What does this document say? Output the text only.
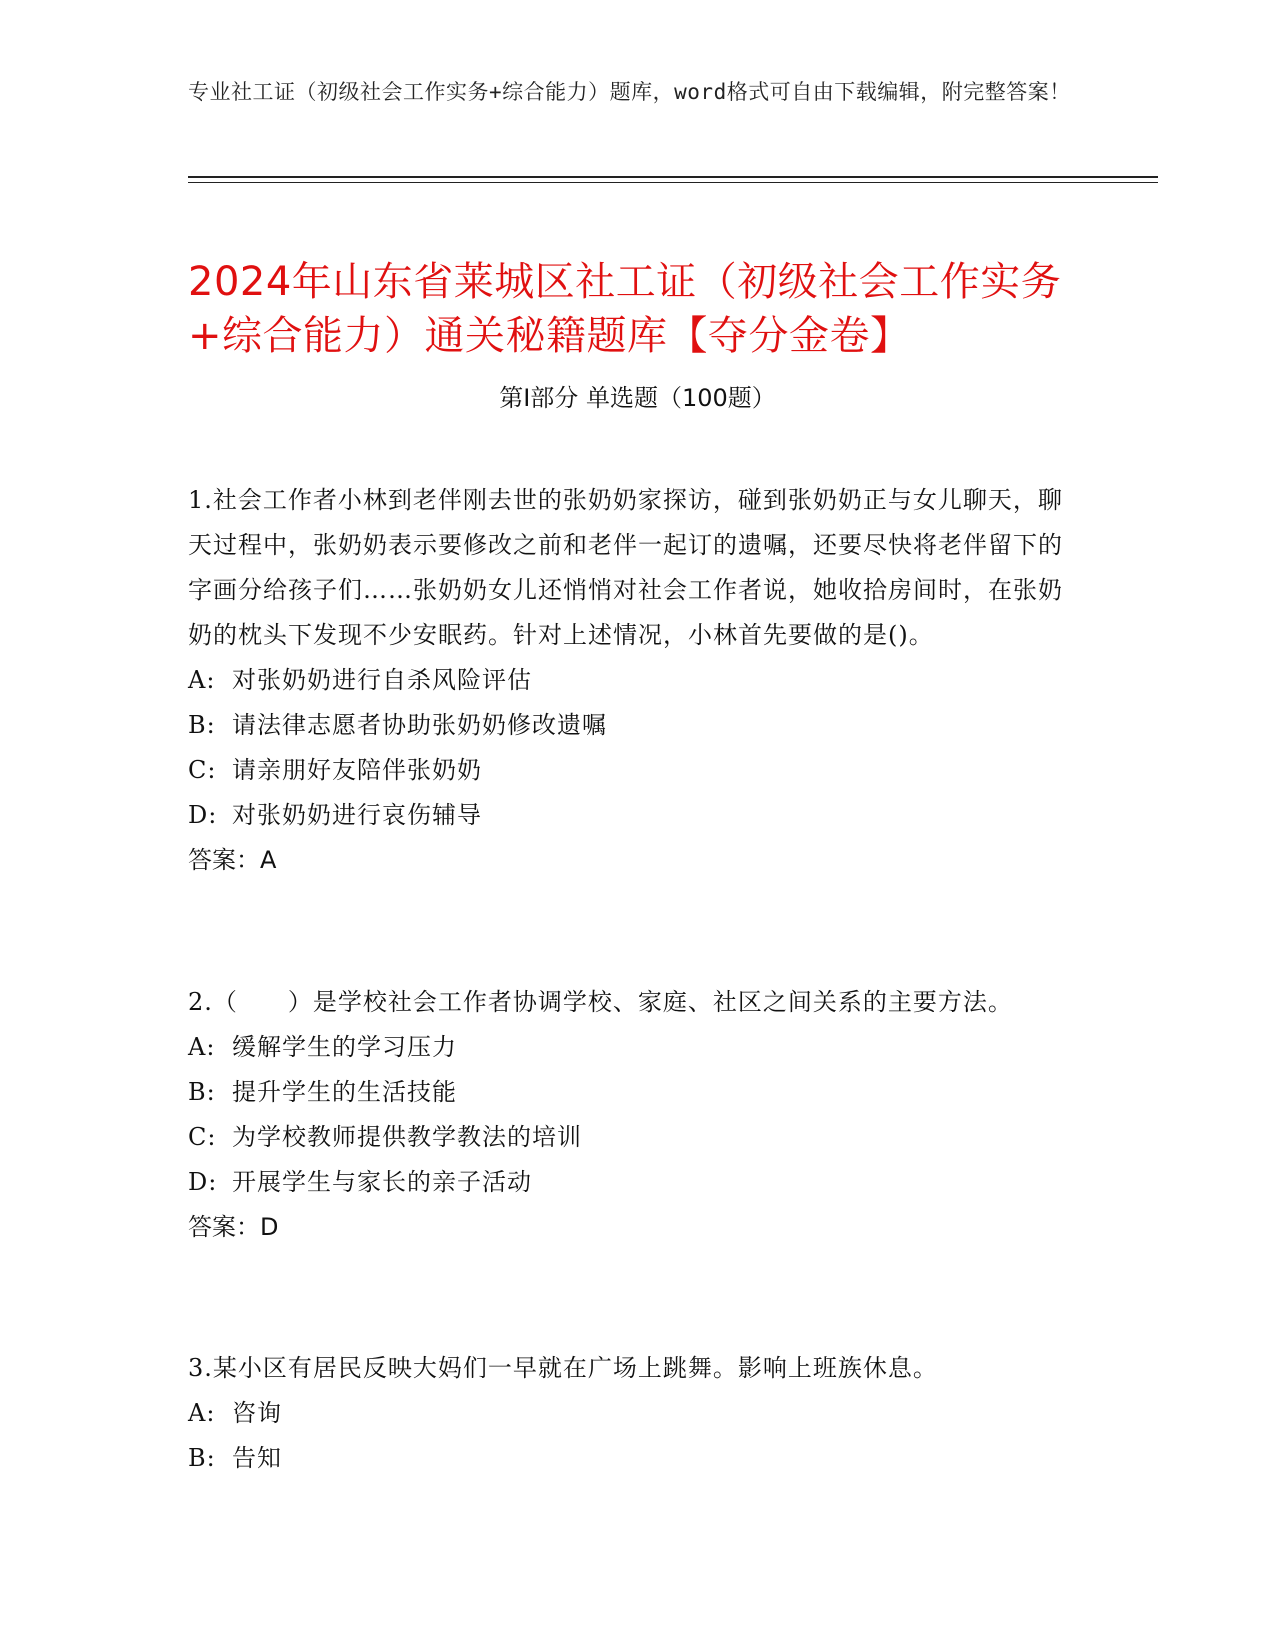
专业社工证（初级社会工作实务+综合能力）题库，word格式可自由下载编辑，附完整答案！
2024年山东省莱城区社工证（初级社会工作实务+综合能力）通关秘籍题库【夺分金卷】
第Ⅰ部分 单选题（100题）

1.社会工作者小林到老伴刚去世的张奶奶家探访，碰到张奶奶正与女儿聊天，聊天过程中，张奶奶表示要修改之前和老伴一起订的遗嘱，还要尽快将老伴留下的字画分给孩子们……张奶奶女儿还悄悄对社会工作者说，她收拾房间时，在张奶奶的枕头下发现不少安眠药。针对上述情况，小林首先要做的是()。

A: 对张奶奶进行自杀风险评估
B: 请法律志愿者协助张奶奶修改遗嘱
C: 请亲朋好友陪伴张奶奶
D: 对张奶奶进行哀伤辅导
答案：A

2.（　　）是学校社会工作者协调学校、家庭、社区之间关系的主要方法。

A: 缓解学生的学习压力
B: 提升学生的生活技能
C: 为学校教师提供教学教法的培训
D: 开展学生与家长的亲子活动
答案：D

3.某小区有居民反映大妈们一早就在广场上跳舞。影响上班族休息。

A: 咨询
B: 告知
